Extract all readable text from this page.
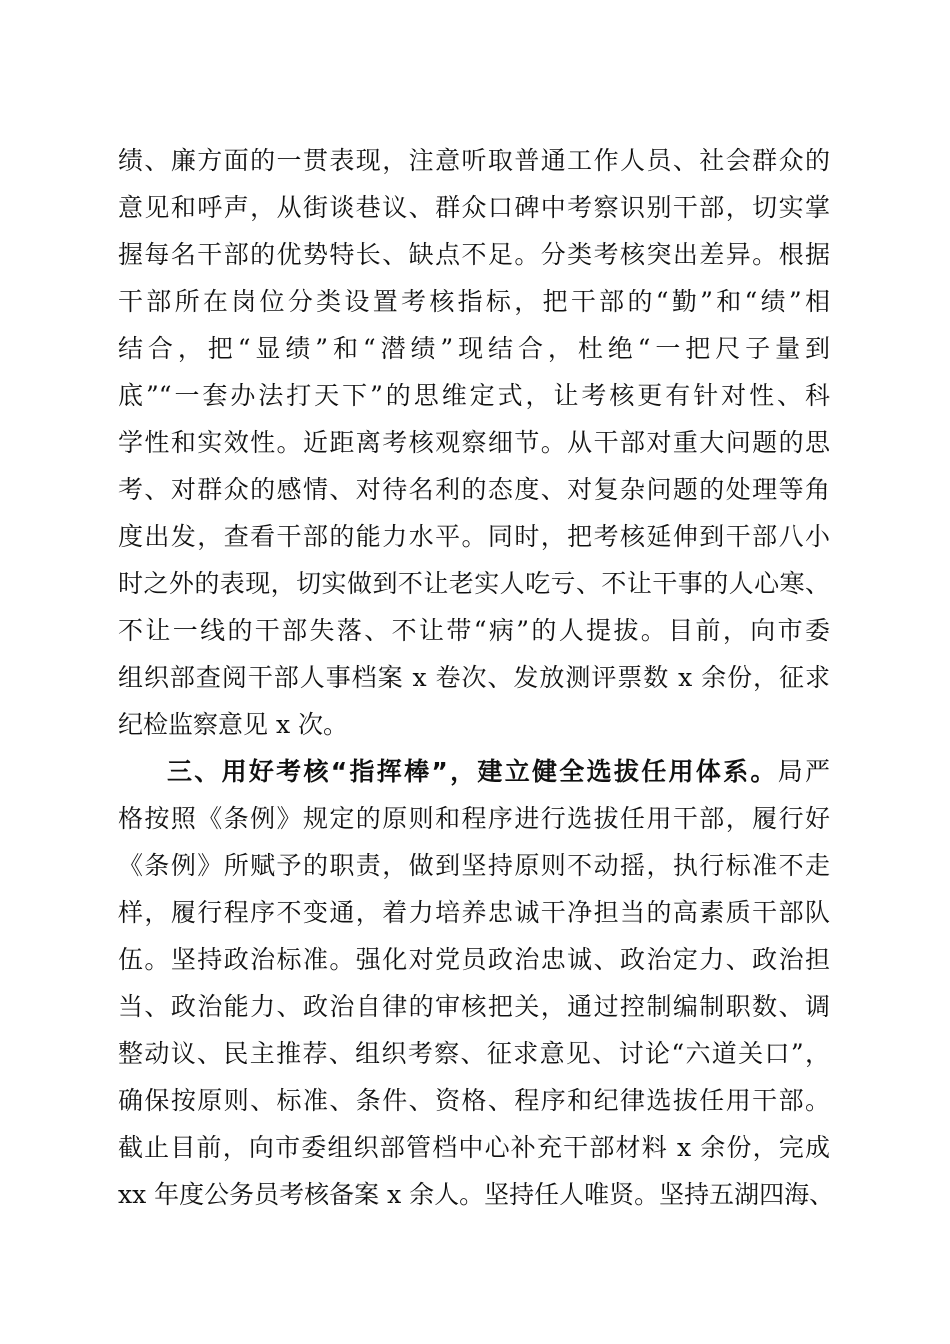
绩、廉方面的一贯表现，注意听取普通工作人员、社会群众的
意见和呼声，从街谈巷议、群众口碑中考察识别干部，切实掌
握每名干部的优势特长、缺点不足。分类考核突出差异。根据
干部所在岗位分类设置考核指标，把干部的“勤”和“绩”相
结合，把“显绩”和“潜绩”现结合，杜绝“一把尺子量到
底”“一套办法打天下”的思维定式，让考核更有针对性、科
学性和实效性。近距离考核观察细节。从干部对重大问题的思
考、对群众的感情、对待名利的态度、对复杂问题的处理等角
度出发，查看干部的能力水平。同时，把考核延伸到干部八小
时之外的表现，切实做到不让老实人吃亏、不让干事的人心寒、
不让一线的干部失落、不让带“病”的人提拔。目前，向市委
组织部查阅干部人事档案 x 卷次、发放测评票数 x 余份，征求
纪检监察意见 x 次。
三、用好考核“指挥棒”，建立健全选拔任用体系。局严
格按照《条例》规定的原则和程序进行选拔任用干部，履行好
《条例》所赋予的职责，做到坚持原则不动摇，执行标准不走
样，履行程序不变通，着力培养忠诚干净担当的高素质干部队
伍。坚持政治标准。强化对党员政治忠诚、政治定力、政治担
当、政治能力、政治自律的审核把关，通过控制编制职数、调
整动议、民主推荐、组织考察、征求意见、讨论“六道关口”，
确保按原则、标准、条件、资格、程序和纪律选拔任用干部。
截止目前，向市委组织部管档中心补充干部材料 x 余份，完成
xx 年度公务员考核备案 x 余人。坚持任人唯贤。坚持五湖四海、
